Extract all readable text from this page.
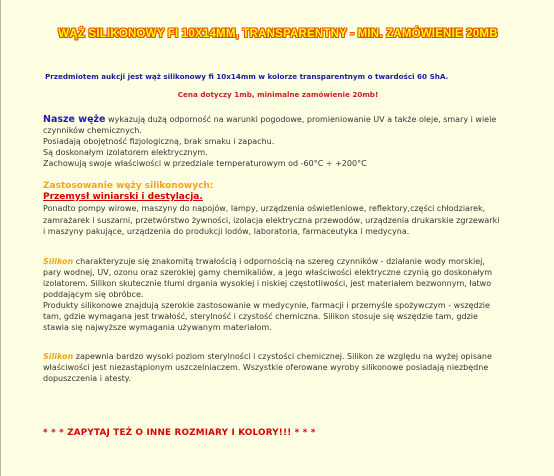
WĄŻ SILIKONOWY FI 10X14MM, TRANSPARENTNY - MIN. ZAMÓWIENIE 20MB
Przedmiotem aukcji jest wąż silikonowy fi 10x14mm w kolorze transparentnym o twardości 60 ShA.
Cena dotyczy 1mb, minimalne zamówienie 20mb!
Nasze węże wykazują dużą odporność na warunki pogodowe, promieniowanie UV a także oleje, smary i wiele czynników chemicznych.
Posiadają obojętność fizjologiczną, brak smaku i zapachu.
Są doskonałym izolatorem elektrycznym.
Zachowują swoje właściwości w przedziale temperaturowym od -60°C ÷ +200°C
Zastosowanie węży silikonowych:
Przemysł winiarski i destylacja.
Ponadto pompy wirowe, maszyny do napojów, lampy, urządzenia oświetleniowe, reflektory,części chłodziarek, zamrażarek i suszarni, przetwórstwo żywności, izolacja elektryczna przewodów, urządzenia drukarskie zgrzewarki i maszyny pakujące, urządzenia do produkcji lodów, laboratoria, farmaceutyka i medycyna.
Silikon charakteryzuje się znakomitą trwałością i odpornością na szereg czynników - działanie wody morskiej, pary wodnej, UV, ozonu oraz szerokiej gamy chemikaliów, a jego właściwości elektryczne czynią go doskonałym izolatorem. Silikon skutecznie tłumi drgania wysokiej i niskiej częstotliwości, jest materiałem bezwonnym, łatwo poddającym się obróbce.
Produkty silikonowe znajdują szerokie zastosowanie w medycynie, farmacji i przemyśle spożywczym - wszędzie tam, gdzie wymagana jest trwałość, sterylność i czystość chemiczna. Silikon stosuje się wszędzie tam, gdzie stawia się najwyższe wymagania używanym materiałom.
Silikon zapewnia bardzo wysoki poziom sterylności i czystości chemicznej. Silikon ze względu na wyżej opisane właściwości jest niezastąpionym uszczelniaczem. Wszystkie oferowane wyroby silikonowe posiadają niezbędne dopuszczenia i atesty.
* * * ZAPYTAJ TEŻ O INNE ROZMIARY I KOLORY!!! * * *
